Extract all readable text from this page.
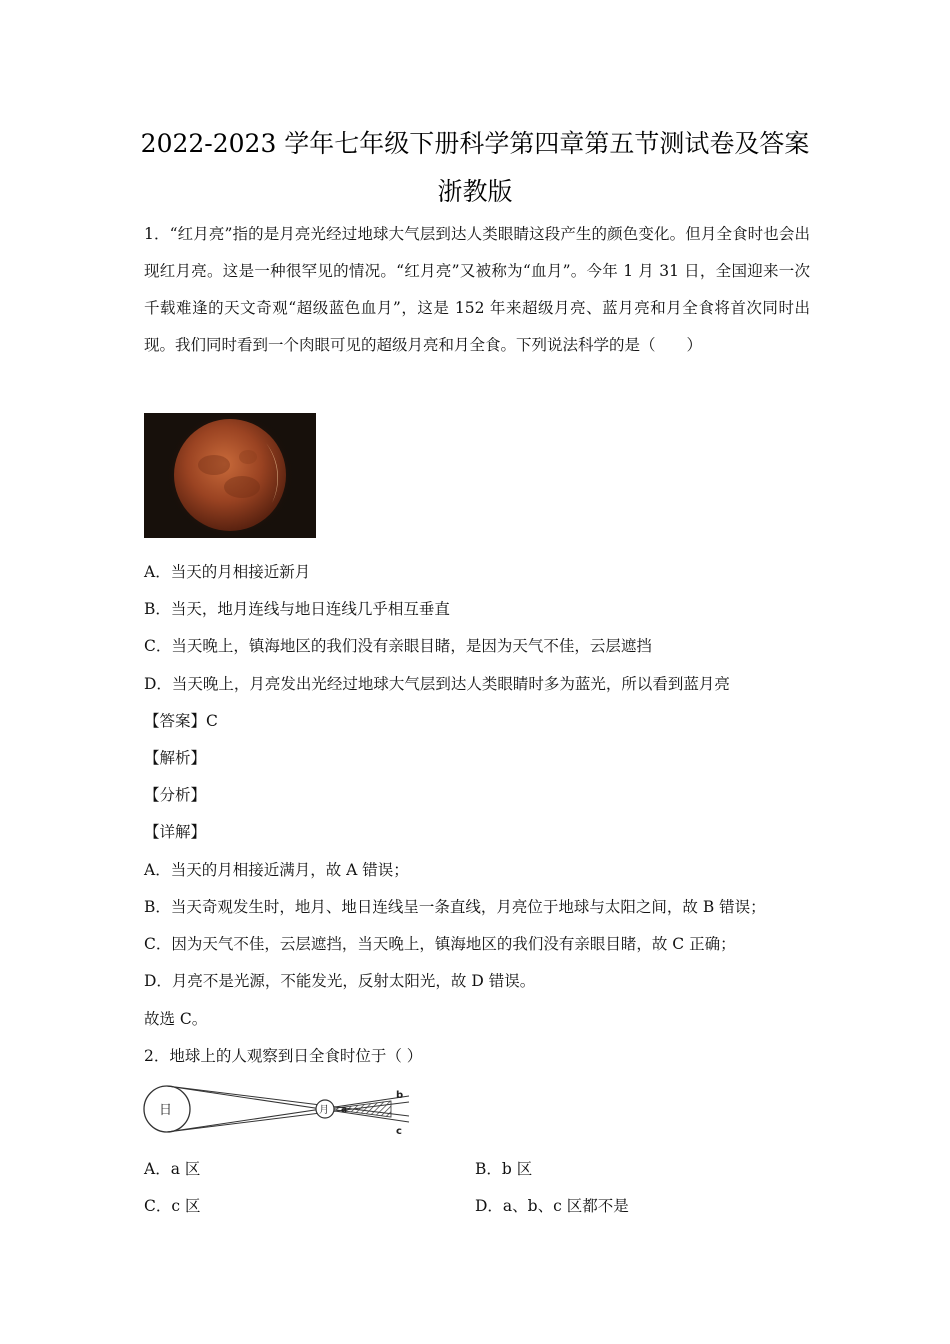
2022-2023 学年七年级下册科学第四章第五节测试卷及答案
浙教版
1．“红月亮”指的是月亮光经过地球大气层到达人类眼睛这段产生的颜色变化。但月全食时也会出现红月亮。这是一种很罕见的情况。“红月亮”又被称为“血月”。今年 1 月 31 日，全国迎来一次千载难逢的天文奇观“超级蓝色血月”，这是 152 年来超级月亮、蓝月亮和月全食将首次同时出现。我们同时看到一个肉眼可见的超级月亮和月全食。下列说法科学的是（　　）
A．当天的月相接近新月
B．当天，地月连线与地日连线几乎相互垂直
C．当天晚上，镇海地区的我们没有亲眼目睹，是因为天气不佳，云层遮挡
D．当天晚上，月亮发出光经过地球大气层到达人类眼睛时多为蓝光，所以看到蓝月亮
【答案】C
【解析】
【分析】
【详解】
A．当天的月相接近满月，故 A 错误；
B．当天奇观发生时，地月、地日连线呈一条直线，月亮位于地球与太阳之间，故 B 错误；
C．因为天气不佳，云层遮挡，当天晚上，镇海地区的我们没有亲眼目睹，故 C 正确；
D．月亮不是光源，不能发光，反射太阳光，故 D 错误。
故选 C。
2．地球上的人观察到日全食时位于（ ）
日	月 a
b
c
A．a 区	B．b 区
C．c 区	D．a、b、c 区都不是
